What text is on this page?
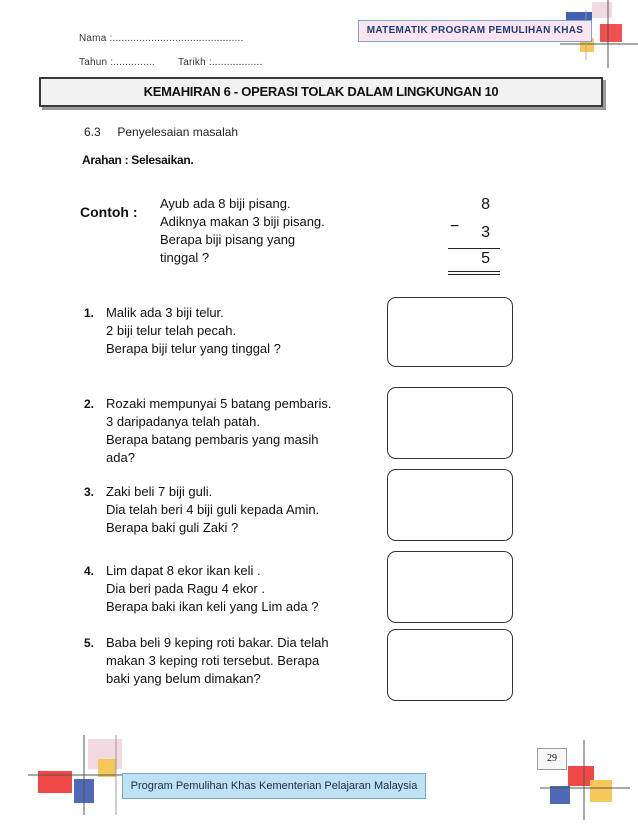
Nama :............................................
Tahun :.............. Tarikh :.................
MATEMATIK PROGRAM PEMULIHAN KHAS
KEMAHIRAN 6 - OPERASI TOLAK DALAM LINGKUNGAN 10
6.3     Penyelesaian masalah
Arahan : Selesaikan.
Contoh :
Ayub ada 8 biji pisang.
Adiknya makan 3 biji pisang.
Berapa biji pisang yang
tinggal ?
8
−	3
5
1. Malik ada 3 biji telur.
2 biji telur telah pecah.
Berapa biji telur yang tinggal ?
2. Rozaki mempunyai 5 batang pembaris.
3 daripadanya telah patah.
Berapa batang pembaris yang masih
ada?
3. Zaki beli 7 biji guli.
Dia telah beri 4 biji guli kepada Amin.
Berapa baki guli Zaki ?
4. Lim dapat 8 ekor ikan keli .
Dia beri pada Ragu 4 ekor .
Berapa baki ikan keli yang Lim ada ?
5. Baba beli 9 keping roti bakar. Dia telah
makan 3 keping roti tersebut. Berapa
baki yang belum dimakan?
29
Program Pemulihan Khas Kementerian Pelajaran Malaysia
